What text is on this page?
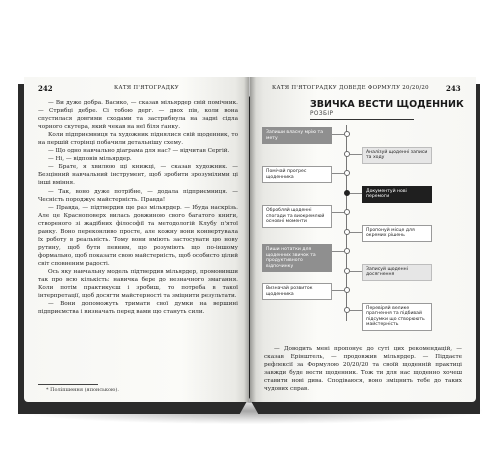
242	КАТЯ П'ЯТОГРАДКУ

— Ви дуже добра. Васико, — сказав мільярдер свій помічник. — Стрибці дебре. Ci тобою дерг. — двох пів, коли вона спустилася довгими сходами та застрибнула на задні сідла чорного скутера, який чекав на неї біля ґанку.

Коли підприємниця та художник піднялися свій щоденник, то на першій сторінці побачили детальнішу схему.

— Що одно навчально діаграма для нас? — відчитав Сергій.

— Ні, — відповів мільярдер.

— Брате, я хвилюю щі книжці, — сказав художник. — Безцінний навчальний інструмент, щоб зробити зрозумілими ці інші вміння.

— Так, воно дуже потрібне, — додала підприємниця. — Чесність породжує майстерність. Правда!

— Правда, — підтвердив ще раз мільярдер. — Ібуда наскрізь. Але це Красноповерх вилась довжиною свого багатого книги, створеного зі жадібних філософії та методологій Клубу п'ятої ранку. Воно переконливо просте, але кожну вони конвертувала їх роботу в реальність. Тому вони вміють застосувати цю нову рутину, щоб бути певним, що розуміють що по-іншому формально, щоб показати свою майстерність, щоб особисто цілий світ сповненим радості.

Ось яку навчальну модель підтвердив мільярдер, промовивши так про всю кількість: навичка бере до незначного змагання. Коли потім практикуєш і зробиш, то потреба в такої інтерпретації, щоб досягти майстерності та зміцнити результати.

— Вони допоможуть тримати свої думки на вершині підприємства і визначать перед вами що стануть сили.

* Поліпшення (японською).
КАТЯ П'ЯТОГРАДКУ ДОВЕДЕ ФОРМУЛУ 20/20/20 243
ЗВИЧКА ВЕСТИ ЩОДЕННИК
РОЗБІР
Запиши власну мрію та мету
Аналізуй щоденні записи та ходу
Помічай прогрес щоденника
Документуй нові перемоги
Обробляй щоденні спогади та виокремлюй основні моменти
Пропонуй місце для окремих рішень
Пиши нотатки для щоденних звичок та продуктивного відпочинку
Записуй щоденні досягнення
Визначай розвиток щоденника
Перевіряй велике прагнення та підбивай підсумки що створюють майстерність

— Доводить мені пропонує до суті цих рекомендацій, — сказав Ерінштель, — продовжив мільярдер. — Піддаєте рефлексії за Формулою 20/20/20 та своїй щоденній практиці завжди буде вести щоденник. Тож ти для нас щоденно хочеш ставити нові дива. Сподіваюся, воно зміцнить тебе до таких чудових справ.
